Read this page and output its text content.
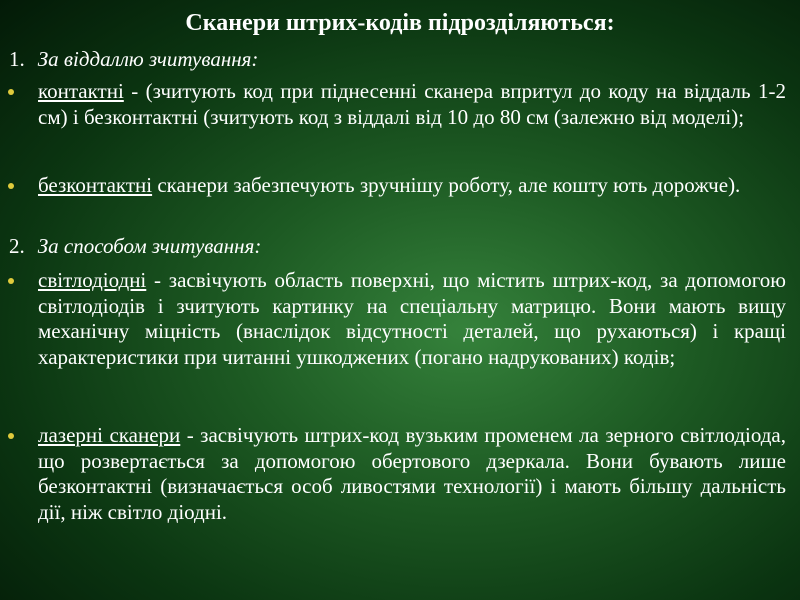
Сканери штрих-кодів підрозділяються:
1. За віддаллю зчитування:
контактні - (зчитують код при піднесенні сканера впритул до коду на віддаль 1-2 см) і безконтактні (зчитують код з віддалі від 10 до 80 см (залежно від моделі);
безконтактні сканери забезпечують зручнішу роботу, але кошту ють дорожче).
2. За способом зчитування:
світлодіодні - засвічують область поверхні, що містить штрих-код, за допомогою світлодіодів і зчитують картинку на спеціальну матрицю. Вони мають вищу механічну міцність (внаслідок відсутності деталей, що рухаються) і кращі характеристики при читанні ушкоджених (погано надрукованих) кодів;
лазерні сканери - засвічують штрих-код вузьким променем ла зерного світлодіода, що розвертається за допомогою обертового дзеркала. Вони бувають лише безконтактні (визначається особ ливостями технології) і мають більшу дальність дії, ніж світло діодні.
